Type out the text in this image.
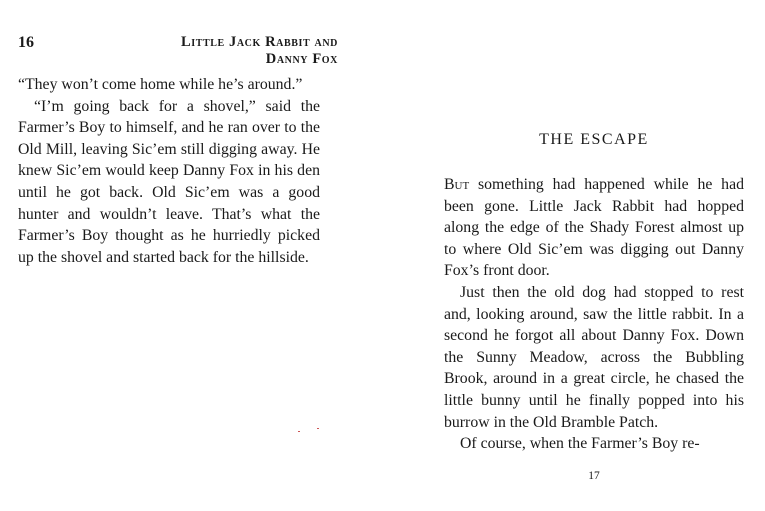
16	Little Jack Rabbit and
Danny Fox

“They won’t come home while he’s around.”

“I’m going back for a shovel,” said the Farmer’s Boy to himself, and he ran over to the Old Mill, leaving Sic’em still digging away. He knew Sic’em would keep Danny Fox in his den until he got back. Old Sic’em was a good hunter and wouldn’t leave. That’s what the Farmer’s Boy thought as he hurriedly picked up the shovel and started back for the hillside.

THE ESCAPE

But something had happened while he had been gone. Little Jack Rabbit had hopped along the edge of the Shady Forest almost up to where Old Sic’em was digging out Danny Fox’s front door.

Just then the old dog had stopped to rest and, looking around, saw the little rabbit. In a second he forgot all about Danny Fox. Down the Sunny Meadow, across the Bubbling Brook, around in a great circle, he chased the little bunny until he finally popped into his burrow in the Old Bramble Patch.

Of course, when the Farmer’s Boy re-

17
